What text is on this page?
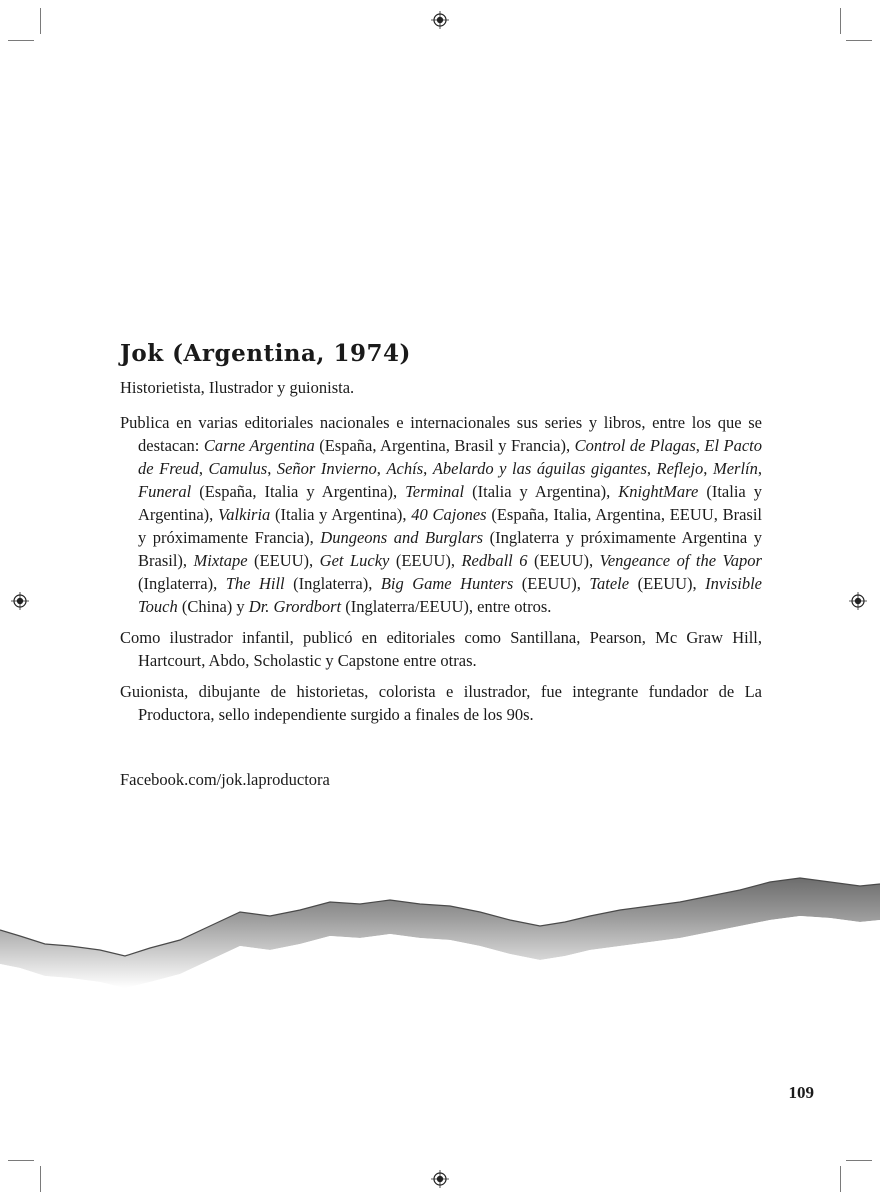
Jok (Argentina, 1974)

Historietista, Ilustrador y guionista.

Publica en varias editoriales nacionales e internacionales sus series y libros, entre los que se destacan: Carne Argentina (España, Argentina, Brasil y Francia), Control de Plagas, El Pacto de Freud, Camulus, Señor Invierno, Achís, Abelardo y las águilas gigantes, Reflejo, Merlín, Funeral (España, Italia y Argentina), Terminal (Italia y Argentina), KnightMare (Italia y Argentina), Valkiria (Italia y Argentina), 40 Cajones (España, Italia, Argentina, EEUU, Brasil y próximamente Francia), Dungeons and Burglars (Inglaterra y próximamente Argentina y Brasil), Mixtape (EEUU), Get Lucky (EEUU), Redball 6 (EEUU), Vengeance of the Vapor (Inglaterra), The Hill (Inglaterra), Big Game Hunters (EEUU), Tatele (EEUU), Invisible Touch (China) y Dr. Grordbort (Inglaterra/EEUU), entre otros.

Como ilustrador infantil, publicó en editoriales como Santillana, Pearson, Mc Graw Hill, Hartcourt, Abdo, Scholastic y Capstone entre otras.

Guionista, dibujante de historietas, colorista e ilustrador, fue integrante fundador de La Productora, sello independiente surgido a finales de los 90s.

Facebook.com/jok.laproductora

109
